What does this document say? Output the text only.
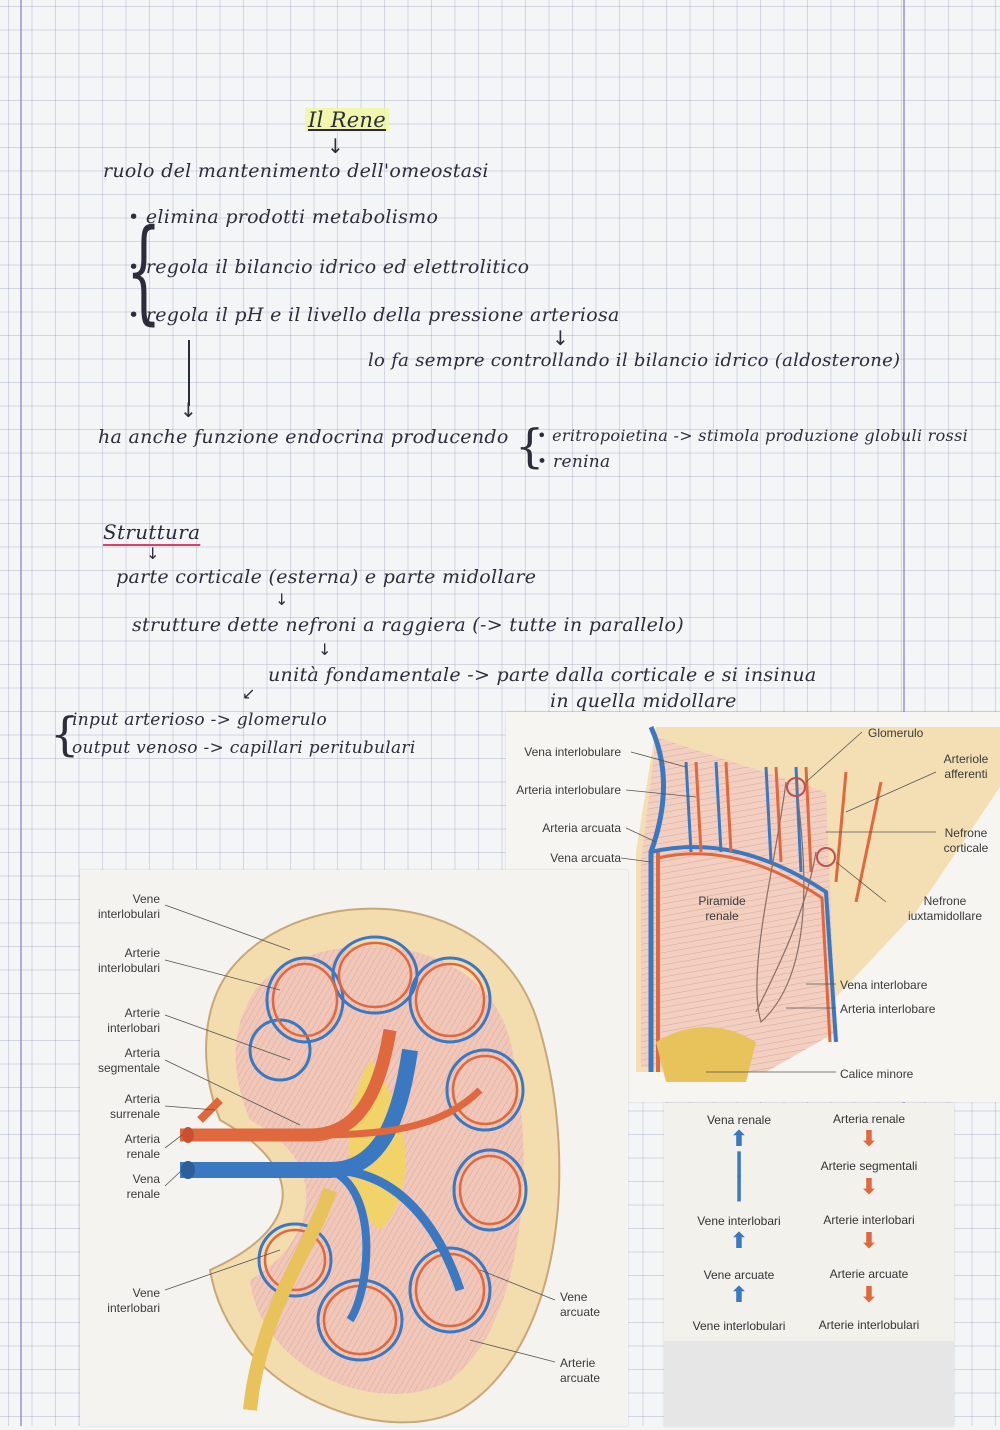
Il Rene
↓
ruolo del mantenimento dell'omeostasi
{
• elimina prodotti metabolismo
• regola il bilancio idrico ed elettrolitico
• regola il pH e il livello della pressione arteriosa
↓
lo fa sempre controllando il bilancio idrico (aldosterone)
↓
ha anche funzione endocrina producendo {
• eritropoietina -> stimola produzione globuli rossi
• renina
Struttura
↓
parte corticale (esterna) e parte midollare
↓
strutture dette nefroni a raggiera (-> tutte in parallelo)
↓
unità fondamentale -> parte dalla corticale e si insinua
in quella midollare
↙
{
input arterioso -> glomerulo
output venoso -> capillari peritubulari	Vena interlobulare
Arteria interlobulare
Arteria arcuata
Vena arcuata
Glomerulo
Arteriole
afferenti
Nefrone
corticale
Piramide
renale
Nefrone
iuxtamidollare
Vena interlobare
Arteria interlobare
Calice minore
Vene
interlobulari
Arterie
interlobulari
Arterie
interlobari
Arteria
segmentale
Arteria
surrenale
Arteria
renale
Vena
renale
Vene
interlobari
Vene
arcuate
Arterie
arcuate
Vena renale
⬆
┃
┃
Vene interlobari
⬆
Vene arcuate
⬆
Vene interlobulari
Arteria renale
⬇
Arterie segmentali
⬇
Arterie interlobari
⬇
Arterie arcuate
⬇
Arterie interlobulari
